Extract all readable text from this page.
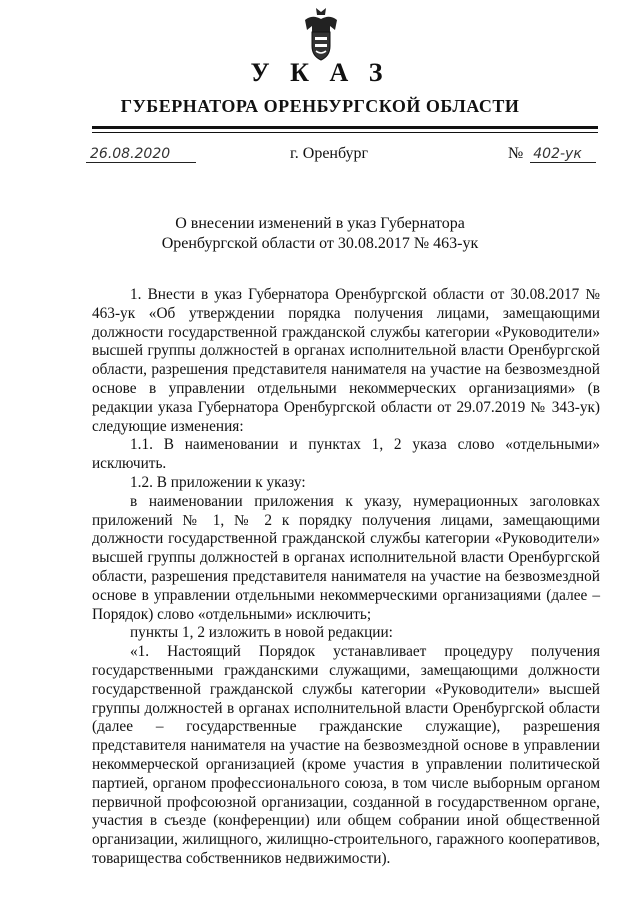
У К А З
ГУБЕРНАТОРА ОРЕНБУРГСКОЙ ОБЛАСТИ
26.08.2020	г. Оренбург	№ 402-ук
О внесении изменений в указ Губернатора
Оренбургской области от 30.08.2017 № 463-ук

1. Внести в указ Губернатора Оренбургской области от 30.08.2017 № 463-ук «Об утверждении порядка получения лицами, замещающими должности государственной гражданской службы категории «Руководители» высшей группы должностей в органах исполнительной власти Оренбургской области, разрешения представителя нанимателя на участие на безвозмездной основе в управлении отдельными некоммерческих организациями» (в редакции указа Губернатора Оренбургской области от 29.07.2019 № 343-ук) следующие изменения:

1.1. В наименовании и пунктах 1, 2 указа слово «отдельными» исключить.

1.2. В приложении к указу:

в наименовании приложения к указу, нумерационных заголовках приложений № 1, № 2 к порядку получения лицами, замещающими должности государственной гражданской службы категории «Руководители» высшей группы должностей в органах исполнительной власти Оренбургской области, разрешения представителя нанимателя на участие на безвозмездной основе в управлении отдельными некоммерческими организациями (далее – Порядок) слово «отдельными» исключить;

пункты 1, 2 изложить в новой редакции:

«1. Настоящий Порядок устанавливает процедуру получения государственными гражданскими служащими, замещающими должности государственной гражданской службы категории «Руководители» высшей группы должностей в органах исполнительной власти Оренбургской области (далее – государственные гражданские служащие), разрешения представителя нанимателя на участие на безвозмездной основе в управлении некоммерческой организацией (кроме участия в управлении политической партией, органом профессионального союза, в том числе выборным органом первичной профсоюзной организации, созданной в государственном органе, участия в съезде (конференции) или общем собрании иной общественной организации, жилищного, жилищно-строительного, гаражного кооперативов, товарищества собственников недвижимости).
